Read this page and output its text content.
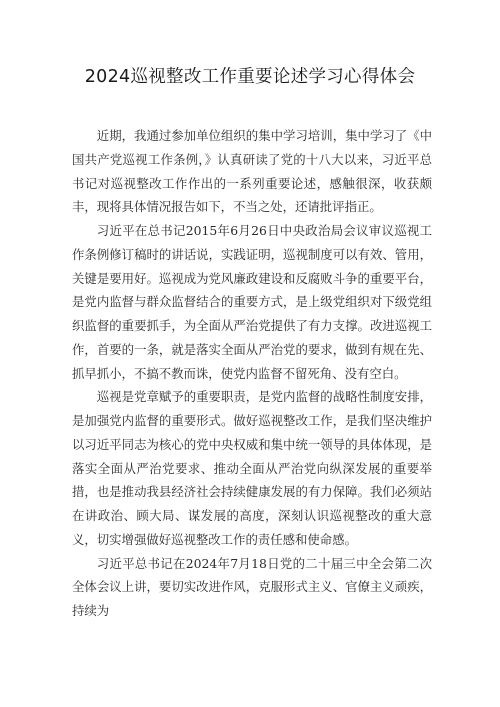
2024巡视整改工作重要论述学习心得体会

近期，我通过参加单位组织的集中学习培训，集中学习了《中国共产党巡视工作条例，》认真研读了党的十八大以来，习近平总书记对巡视整改工作作出的一系列重要论述，感触很深，收获颇丰，现将具体情况报告如下，不当之处，还请批评指正。

习近平在总书记2015年6月26日中央政治局会议审议巡视工作条例修订稿时的讲话说，实践证明，巡视制度可以有效、管用，关键是要用好。巡视成为党风廉政建设和反腐败斗争的重要平台，是党内监督与群众监督结合的重要方式，是上级党组织对下级党组织监督的重要抓手，为全面从严治党提供了有力支撑。改进巡视工作，首要的一条，就是落实全面从严治党的要求，做到有规在先、抓早抓小，不搞不教而诛，使党内监督不留死角、没有空白。

巡视是党章赋予的重要职责，是党内监督的战略性制度安排，是加强党内监督的重要形式。做好巡视整改工作，是我们坚决维护以习近平同志为核心的党中央权威和集中统一领导的具体体现，是落实全面从严治党要求、推动全面从严治党向纵深发展的重要举措，也是推动我县经济社会持续健康发展的有力保障。我们必须站在讲政治、顾大局、谋发展的高度，深刻认识巡视整改的重大意义，切实增强做好巡视整改工作的责任感和使命感。

习近平总书记在2024年7月18日党的二十届三中全会第二次全体会议上讲，要切实改进作风，克服形式主义、官僚主义顽疾，持续为
